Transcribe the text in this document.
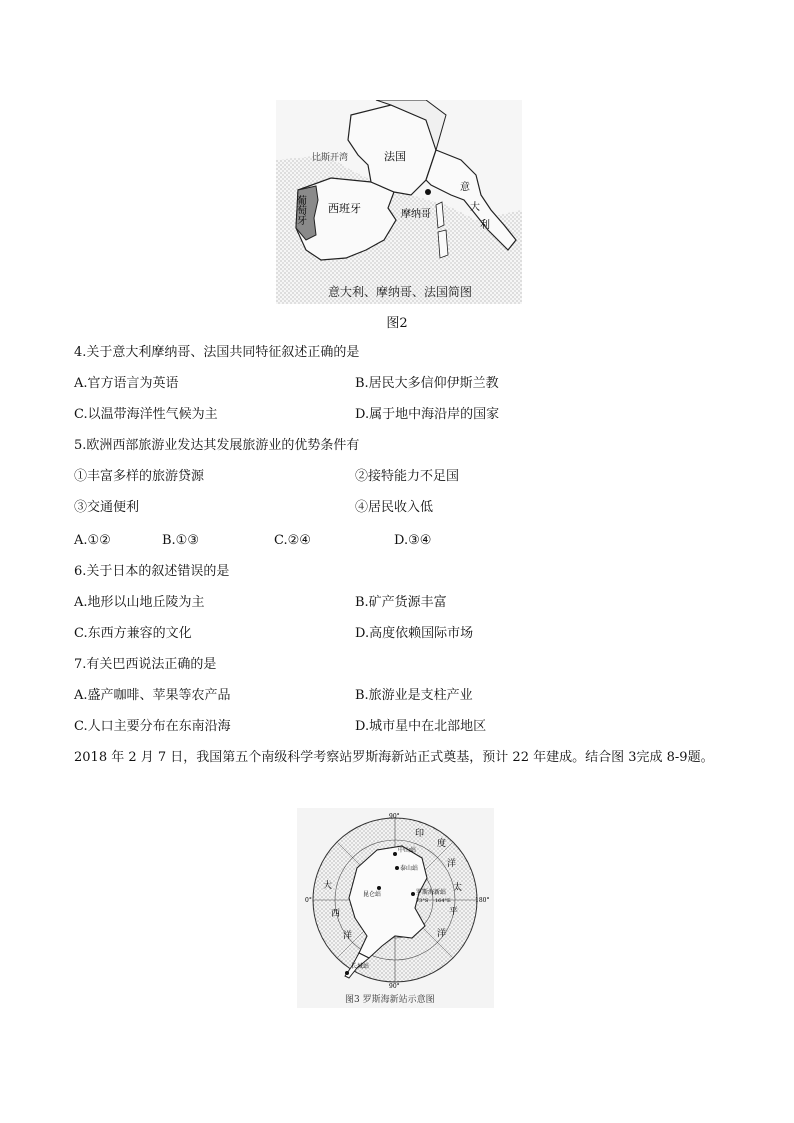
比斯开湾
葡萄牙 西班牙
法国
摩纳哥
意
大
利
意大利、摩纳哥、法国简图
图2
4.关于意大利摩纳哥、法国共同特征叙述正确的是
A.官方语言为英语	B.居民大多信仰伊斯兰教
C.以温带海洋性气候为主	D.属于地中海沿岸的国家
5.欧洲西部旅游业发达其发展旅游业的优势条件有
①丰富多样的旅游贷源	②接特能力不足国
③交通便利	④居民收入低
A.①②	B.①③	C.②④	D.③④
6.关于日本的叙述错误的是
A.地形以山地丘陵为主	B.矿产货源丰富
C.东西方兼容的文化	D.高度依赖国际市场
7.有关巴西说法正确的是
A.盛产咖啡、苹果等农产品	B.旅游业是支柱产业
C.人口主要分布在东南沿海	D.城市星中在北部地区
2018 年 2 月 7 日，我国第五个南级科学考察站罗斯海新站正式奠基，预计 22 年建成。结合图 3完成 8-9题。
90°
0°	180°
90°
中山站
泰山站
昆仑站	罗斯海新站
73°S 164°E
长城站
印
度
洋
大
西
洋
太
平
洋
图3 罗斯海新站示意图
